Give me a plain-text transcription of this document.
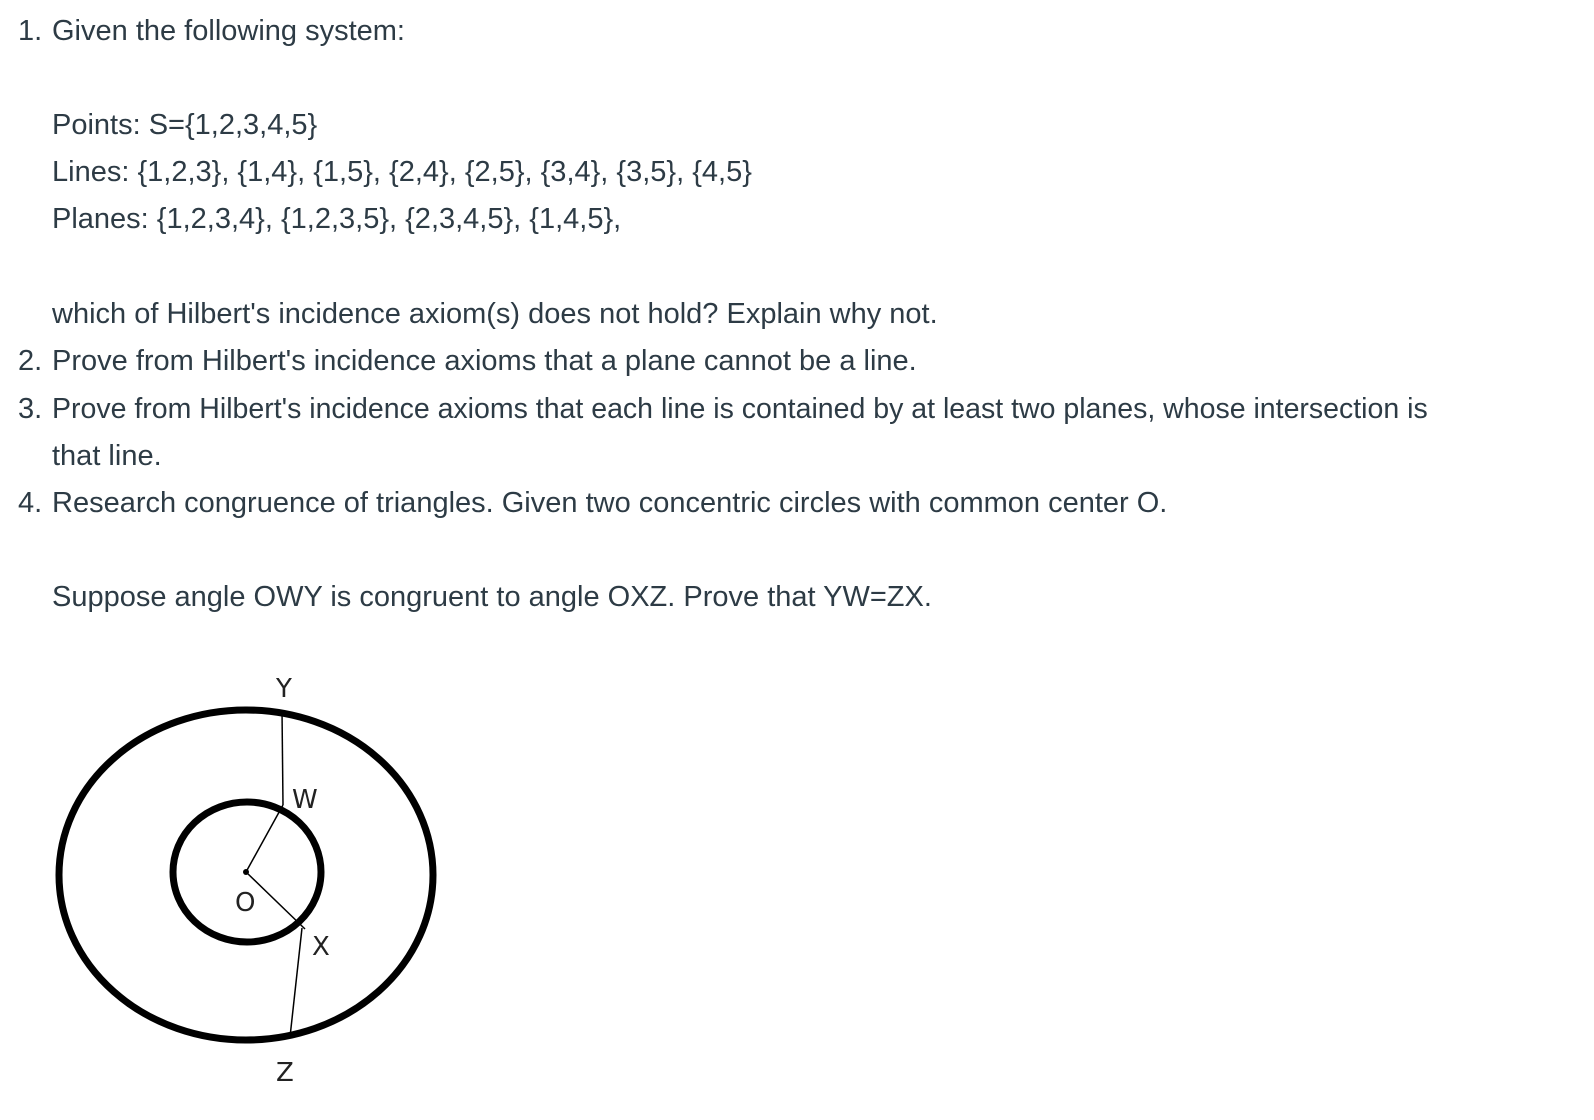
1. Given the following system:
Points: S={1,2,3,4,5}
Lines: {1,2,3}, {1,4}, {1,5}, {2,4}, {2,5}, {3,4}, {3,5}, {4,5}
Planes: {1,2,3,4}, {1,2,3,5}, {2,3,4,5}, {1,4,5},
which of Hilbert's incidence axiom(s) does not hold? Explain why not.
2. Prove from Hilbert's incidence axioms that a plane cannot be a line.
3. Prove from Hilbert's incidence axioms that each line is contained by at least two planes, whose intersection is
that line.
4. Research congruence of triangles. Given two concentric circles with common center O.
Suppose angle OWY is congruent to angle OXZ. Prove that YW=ZX.
Y
W
O
X
Z
